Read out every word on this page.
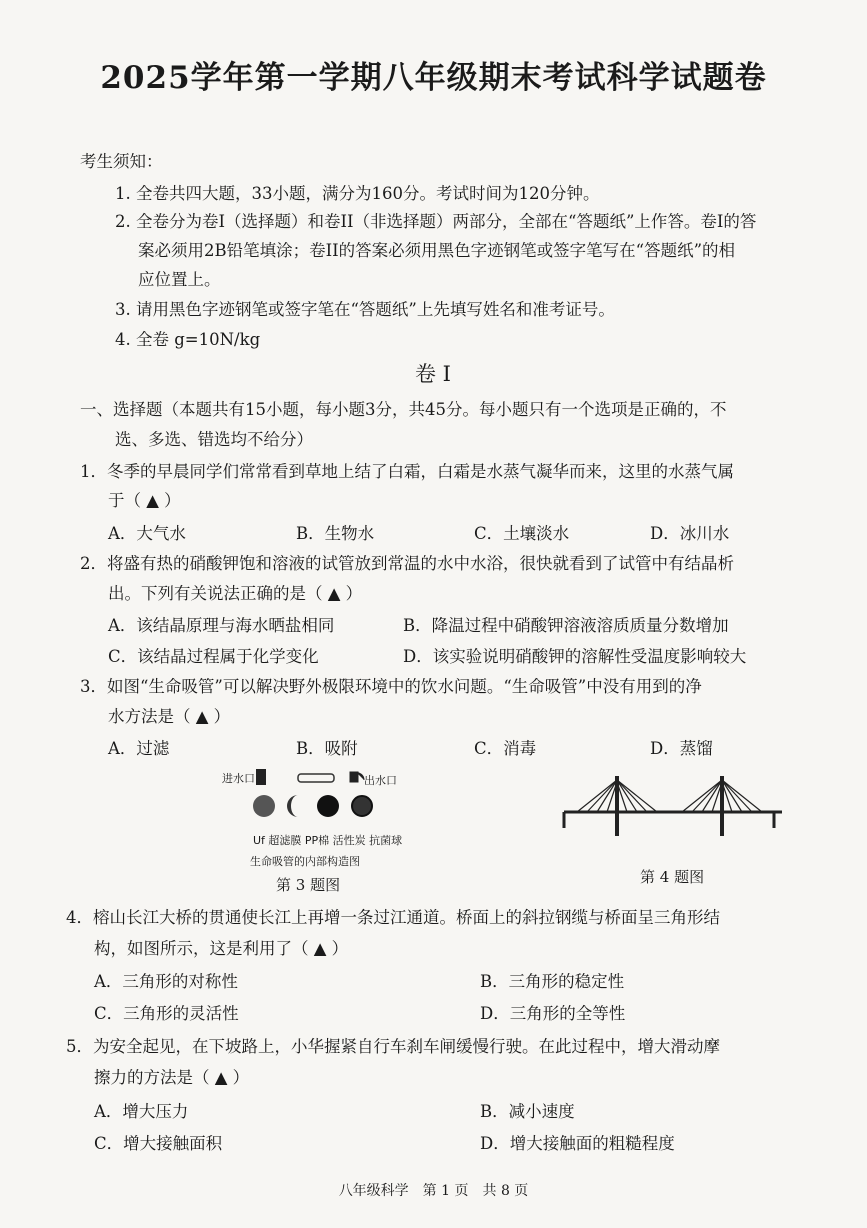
2025学年第一学期八年级期末考试科学试题卷
考生须知：
1. 全卷共四大题，33小题，满分为160分。考试时间为120分钟。
2. 全卷分为卷I（选择题）和卷II（非选择题）两部分，全部在“答题纸”上作答。卷I的答
案必须用2B铅笔填涂；卷II的答案必须用黑色字迹钢笔或签字笔写在“答题纸”的相
应位置上。
3. 请用黑色字迹钢笔或签字笔在“答题纸”上先填写姓名和准考证号。
4. 全卷 g=10N/kg
卷 I
一、选择题（本题共有15小题，每小题3分，共45分。每小题只有一个选项是正确的，不
选、多选、错选均不给分）
1．冬季的早晨同学们常常看到草地上结了白霜，白霜是水蒸气凝华而来，这里的水蒸气属
于（ ▲ ）
A．大气水	B．生物水	C．土壤淡水	D．冰川水
2．将盛有热的硝酸钾饱和溶液的试管放到常温的水中水浴，很快就看到了试管中有结晶析
出。下列有关说法正确的是（ ▲ ）
A．该结晶原理与海水晒盐相同	B．降温过程中硝酸钾溶液溶质质量分数增加
C．该结晶过程属于化学变化	D．该实验说明硝酸钾的溶解性受温度影响较大
3．如图“生命吸管”可以解决野外极限环境中的饮水问题。“生命吸管”中没有用到的净
水方法是（ ▲ ）
A．过滤	B．吸附	C．消毒	D．蒸馏
进水口	出水口
Uf 超滤膜 PP棉 活性炭 抗菌球
生命吸管的内部构造图
第 3 题图	第 4 题图
4．榕山长江大桥的贯通使长江上再增一条过江通道。桥面上的斜拉钢缆与桥面呈三角形结
构，如图所示，这是利用了（ ▲ ）
A．三角形的对称性	B．三角形的稳定性
C．三角形的灵活性	D．三角形的全等性
5．为安全起见，在下坡路上，小华握紧自行车刹车闸缓慢行驶。在此过程中，增大滑动摩
擦力的方法是（ ▲ ）
A．增大压力	B．减小速度
C．增大接触面积	D．增大接触面的粗糙程度
八年级科学　第 1 页　共 8 页
